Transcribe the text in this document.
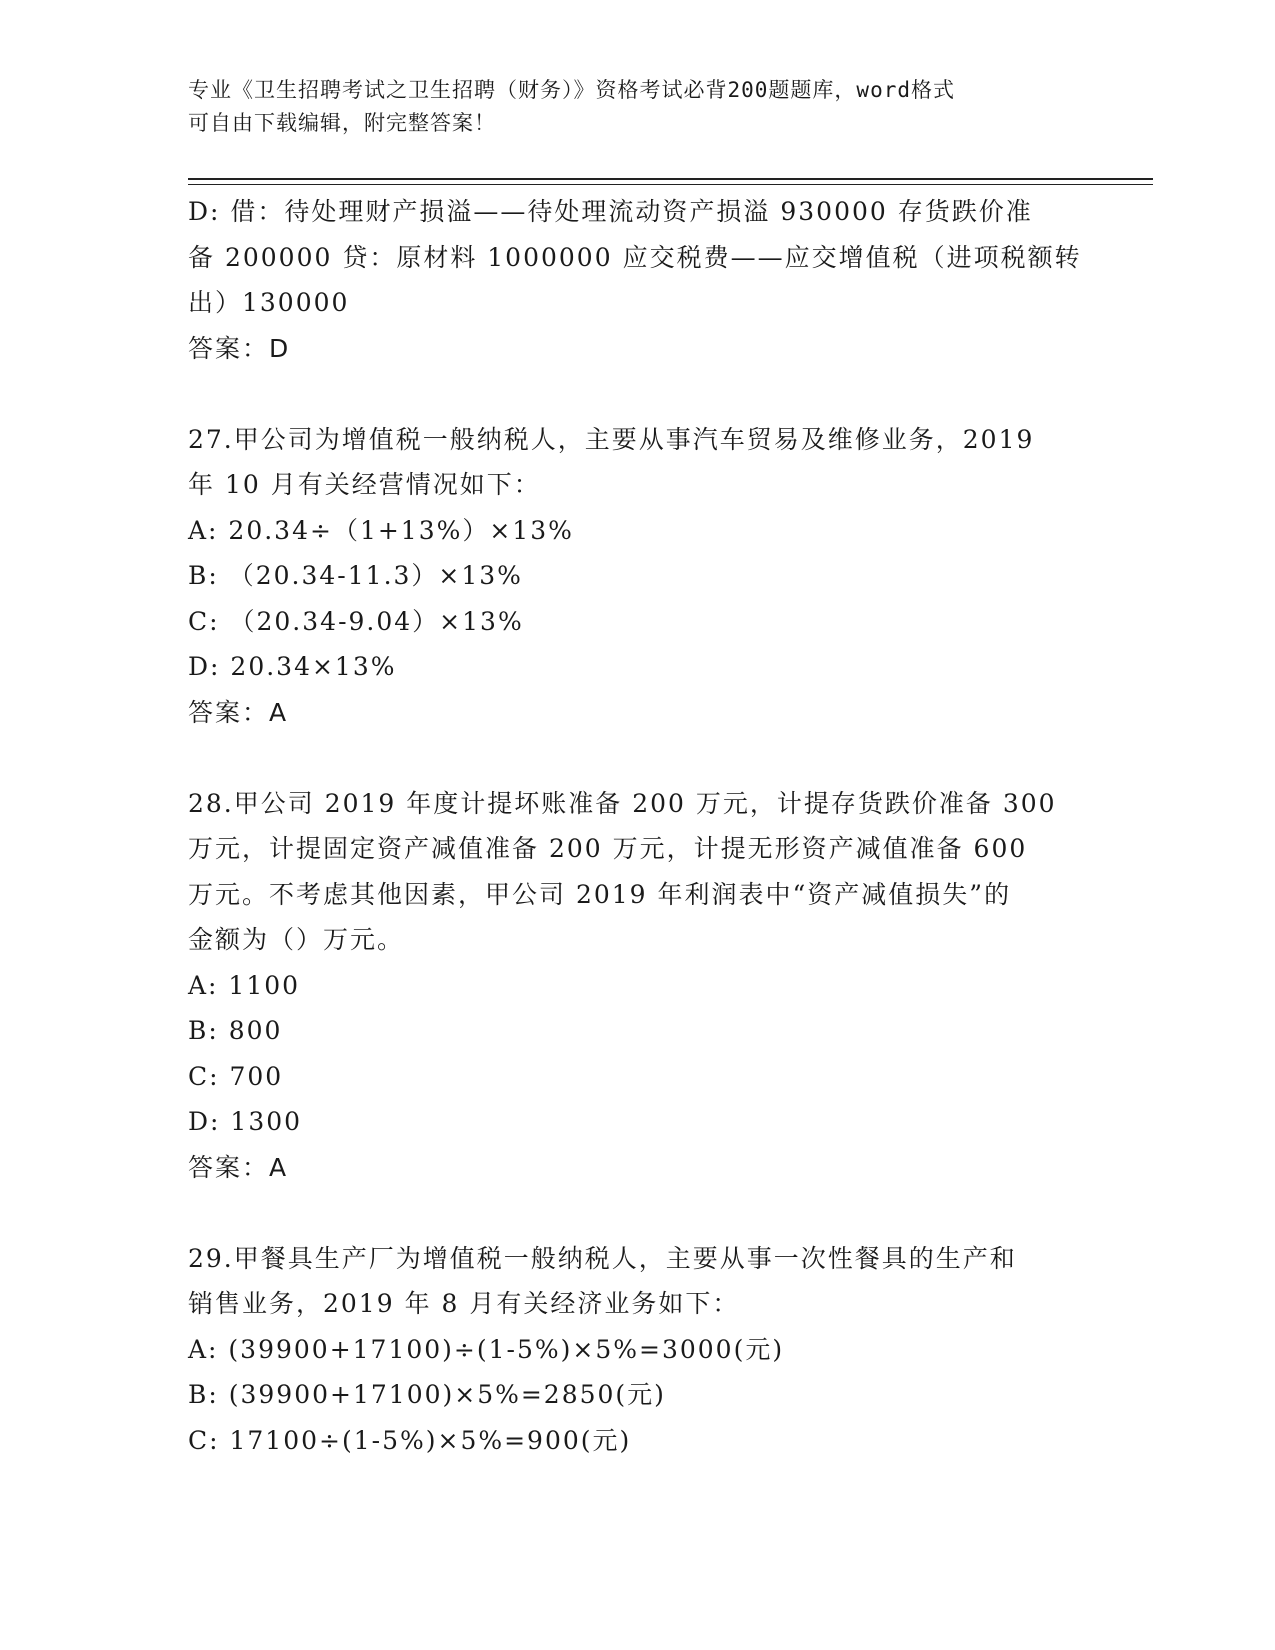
专业《卫生招聘考试之卫生招聘（财务）》资格考试必背200题题库，word格式
可自由下载编辑，附完整答案！
D: 借：待处理财产损溢——待处理流动资产损溢 930000 存货跌价准
备 200000 贷：原材料 1000000 应交税费——应交增值税（进项税额转
出）130000
答案：D
27.甲公司为增值税一般纳税人，主要从事汽车贸易及维修业务，2019
年 10 月有关经营情况如下：
A: 20.34÷（1+13%）×13%
B: （20.34-11.3）×13%
C: （20.34-9.04）×13%
D: 20.34×13%
答案：A
28.甲公司 2019 年度计提坏账准备 200 万元，计提存货跌价准备 300
万元，计提固定资产减值准备 200 万元，计提无形资产减值准备 600
万元。不考虑其他因素，甲公司 2019 年利润表中“资产减值损失”的
金额为（）万元。
A: 1100
B: 800
C: 700
D: 1300
答案：A
29.甲餐具生产厂为增值税一般纳税人，主要从事一次性餐具的生产和
销售业务，2019 年 8 月有关经济业务如下：
A: (39900+17100)÷(1-5%)×5%=3000(元)
B: (39900+17100)×5%=2850(元)
C: 17100÷(1-5%)×5%=900(元)
